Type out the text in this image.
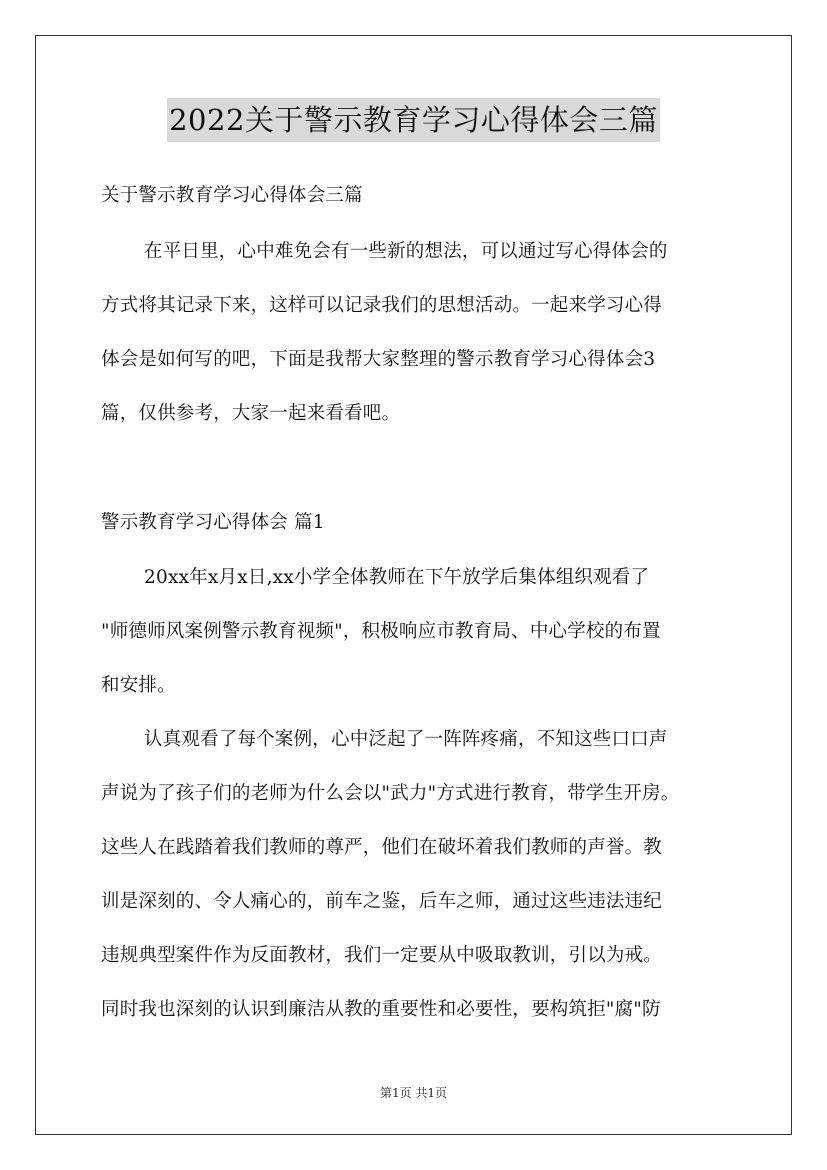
2022关于警示教育学习心得体会三篇
关于警示教育学习心得体会三篇
在平日里，心中难免会有一些新的想法，可以通过写心得体会的
方式将其记录下来，这样可以记录我们的思想活动。一起来学习心得
体会是如何写的吧，下面是我帮大家整理的警示教育学习心得体会3
篇，仅供参考，大家一起来看看吧。
警示教育学习心得体会 篇1
20xx年x月x日,xx小学全体教师在下午放学后集体组织观看了
"师德师风案例警示教育视频"，积极响应市教育局、中心学校的布置
和安排。
认真观看了每个案例，心中泛起了一阵阵疼痛，不知这些口口声
声说为了孩子们的老师为什么会以"武力"方式进行教育，带学生开房。
这些人在践踏着我们教师的尊严，他们在破坏着我们教师的声誉。教
训是深刻的、令人痛心的，前车之鉴，后车之师，通过这些违法违纪
违规典型案件作为反面教材，我们一定要从中吸取教训，引以为戒。
同时我也深刻的认识到廉洁从教的重要性和必要性，要构筑拒"腐"防
第1页 共1页
